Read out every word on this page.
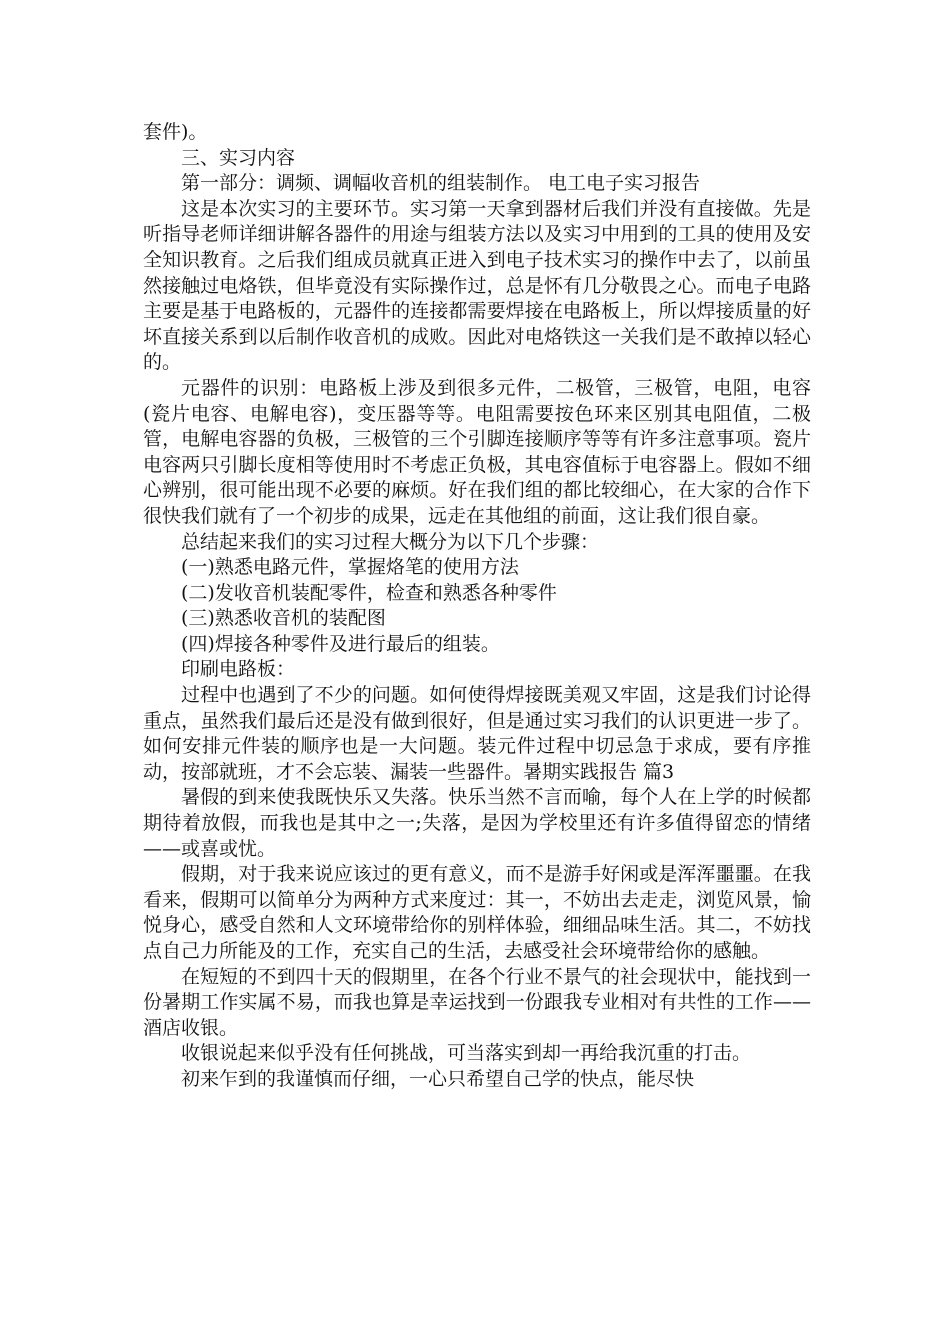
套件)。

三、实习内容

第一部分：调频、调幅收音机的组装制作。 电工电子实习报告

这是本次实习的主要环节。实习第一天拿到器材后我们并没有直接做。先是听指导老师详细讲解各器件的用途与组装方法以及实习中用到的工具的使用及安全知识教育。之后我们组成员就真正进入到电子技术实习的操作中去了，以前虽然接触过电烙铁，但毕竟没有实际操作过，总是怀有几分敬畏之心。而电子电路主要是基于电路板的，元器件的连接都需要焊接在电路板上，所以焊接质量的好坏直接关系到以后制作收音机的成败。因此对电烙铁这一关我们是不敢掉以轻心的。

元器件的识别：电路板上涉及到很多元件，二极管，三极管，电阻，电容(瓷片电容、电解电容)，变压器等等。电阻需要按色环来区别其电阻值，二极管，电解电容器的负极，三极管的三个引脚连接顺序等等有许多注意事项。瓷片电容两只引脚长度相等使用时不考虑正负极，其电容值标于电容器上。假如不细心辨别，很可能出现不必要的麻烦。好在我们组的都比较细心，在大家的合作下很快我们就有了一个初步的成果，远走在其他组的前面，这让我们很自豪。

总结起来我们的实习过程大概分为以下几个步骤：

(一)熟悉电路元件，掌握烙笔的使用方法

(二)发收音机装配零件，检查和熟悉各种零件

(三)熟悉收音机的装配图

(四)焊接各种零件及进行最后的组装。

印刷电路板：

过程中也遇到了不少的问题。如何使得焊接既美观又牢固，这是我们讨论得重点，虽然我们最后还是没有做到很好，但是通过实习我们的认识更进一步了。如何安排元件装的顺序也是一大问题。装元件过程中切忌急于求成，要有序推动，按部就班，才不会忘装、漏装一些器件。暑期实践报告 篇3

暑假的到来使我既快乐又失落。快乐当然不言而喻，每个人在上学的时候都期待着放假，而我也是其中之一;失落，是因为学校里还有许多值得留恋的情绪——或喜或忧。

假期，对于我来说应该过的更有意义，而不是游手好闲或是浑浑噩噩。在我看来，假期可以简单分为两种方式来度过：其一，不妨出去走走，浏览风景，愉悦身心，感受自然和人文环境带给你的别样体验，细细品味生活。其二，不妨找点自己力所能及的工作，充实自己的生活，去感受社会环境带给你的感触。

在短短的不到四十天的假期里，在各个行业不景气的社会现状中，能找到一份暑期工作实属不易，而我也算是幸运找到一份跟我专业相对有共性的工作——酒店收银。

收银说起来似乎没有任何挑战，可当落实到却一再给我沉重的打击。

初来乍到的我谨慎而仔细，一心只希望自己学的快点，能尽快
